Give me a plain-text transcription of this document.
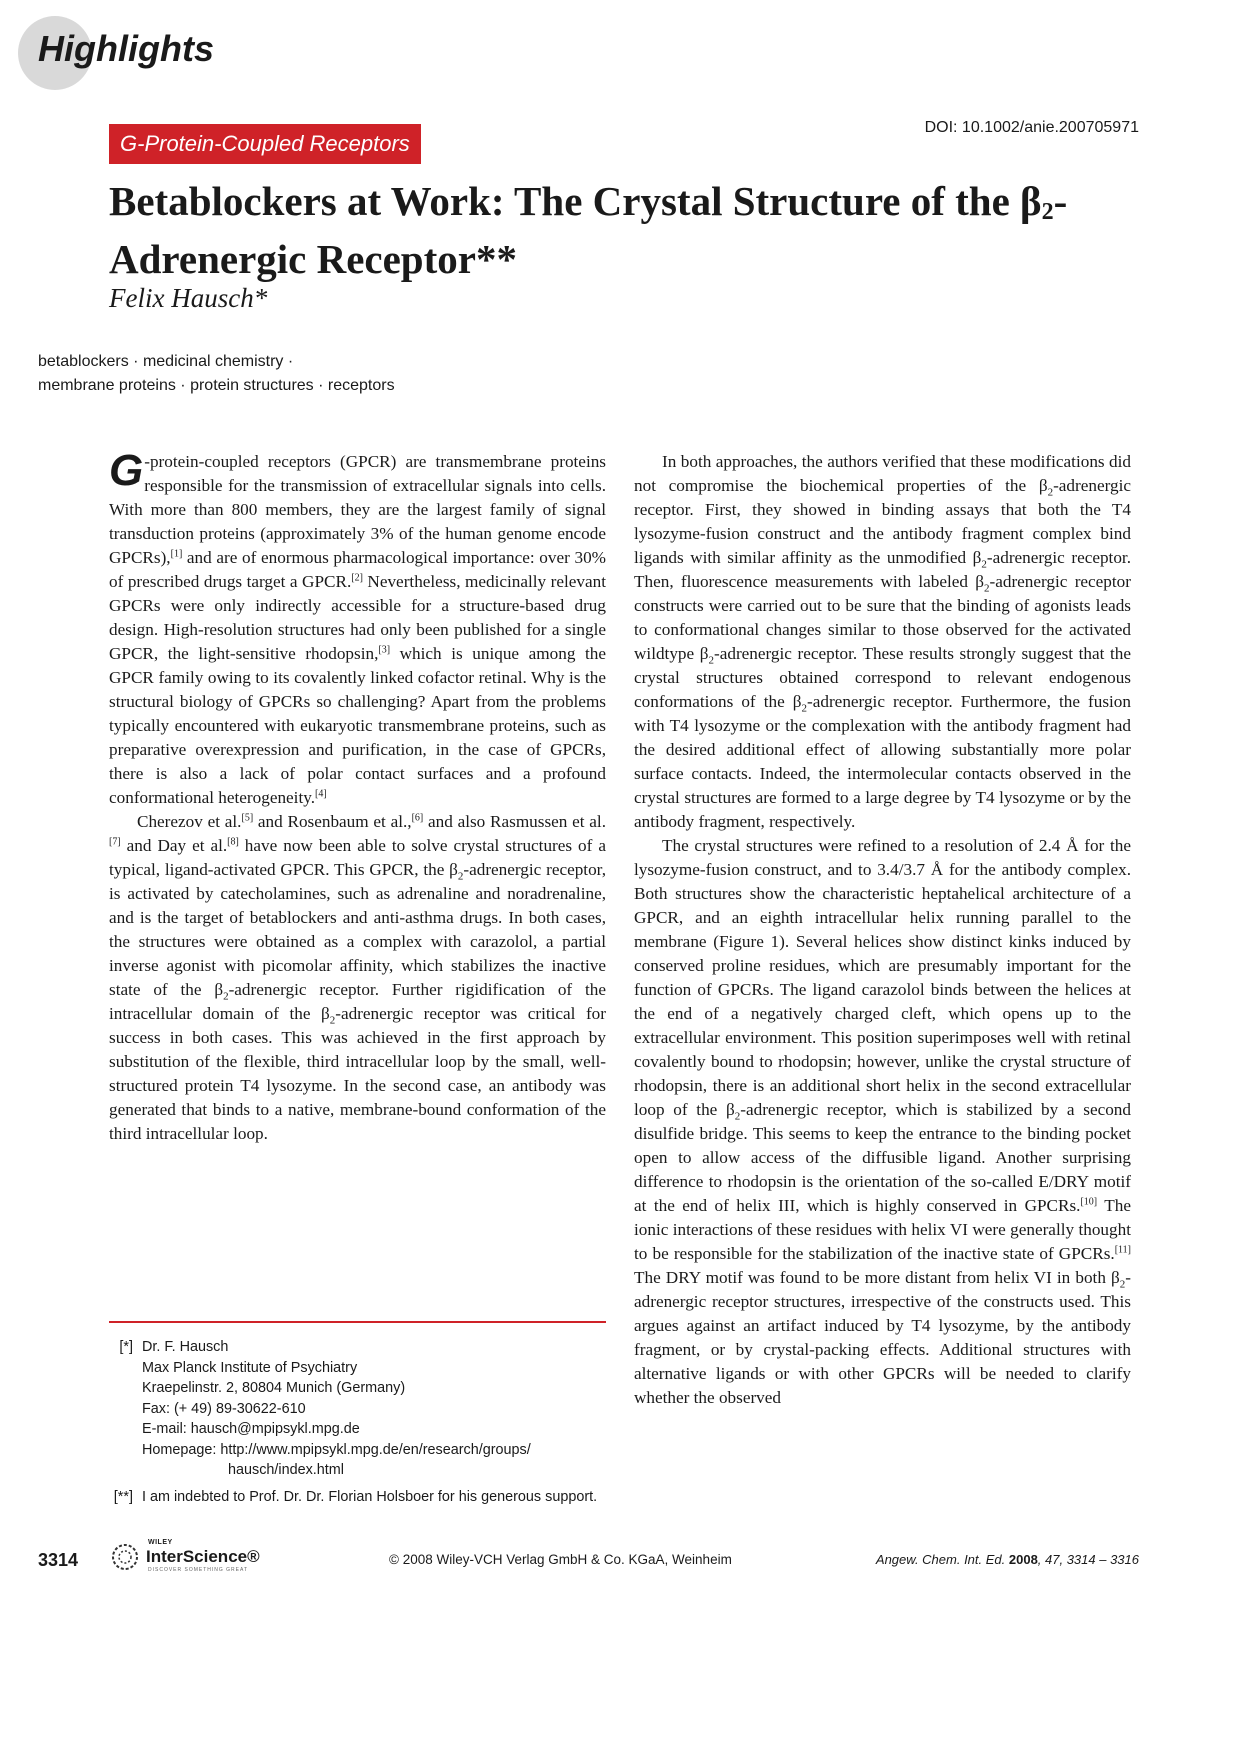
Highlights
G-Protein-Coupled Receptors
DOI: 10.1002/anie.200705971
Betablockers at Work: The Crystal Structure of the $\beta_2$-Adrenergic Receptor**
Felix Hausch*
betablockers · medicinal chemistry ·
membrane proteins · protein structures · receptors

G -protein-coupled receptors (GPCR) are transmembrane proteins responsible for the transmission of extracellular signals into cells. With more than 800 members, they are the largest family of signal transduction proteins (approximately 3% of the human genome encode GPCRs),[1] and are of enormous pharmacological importance: over 30% of prescribed drugs target a GPCR.[2] Nevertheless, medicinally relevant GPCRs were only indirectly accessible for a structure-based drug design. High-resolution structures had only been published for a single GPCR, the light-sensitive rhodopsin,[3] which is unique among the GPCR family owing to its covalently linked cofactor retinal. Why is the structural biology of GPCRs so challenging? Apart from the problems typically encountered with eukaryotic transmembrane proteins, such as preparative overexpression and purification, in the case of GPCRs, there is also a lack of polar contact surfaces and a profound conformational heterogeneity.[4]

Cherezov et al.[5] and Rosenbaum et al.,[6] and also Rasmussen et al.[7] and Day et al.[8] have now been able to solve crystal structures of a typical, ligand-activated GPCR. This GPCR, the $\beta_2$-adrenergic receptor, is activated by catecholamines, such as adrenaline and noradrenaline, and is the target of betablockers and anti-asthma drugs. In both cases, the structures were obtained as a complex with carazolol, a partial inverse agonist with picomolar affinity, which stabilizes the inactive state of the $\beta_2$-adrenergic receptor. Further rigidification of the intracellular domain of the $\beta_2$-adrenergic receptor was critical for success in both cases. This was achieved in the first approach by substitution of the flexible, third intracellular loop by the small, well-structured protein T4 lysozyme. In the second case, an antibody was generated that binds to a native, membrane-bound conformation of the third intracellular loop.

In both approaches, the authors verified that these modifications did not compromise the biochemical properties of the $\beta_2$-adrenergic receptor. First, they showed in binding assays that both the T4 lysozyme-fusion construct and the antibody fragment complex bind ligands with similar affinity as the unmodified $\beta_2$-adrenergic receptor. Then, fluorescence measurements with labeled $\beta_2$-adrenergic receptor constructs were carried out to be sure that the binding of agonists leads to conformational changes similar to those observed for the activated wildtype $\beta_2$-adrenergic receptor. These results strongly suggest that the crystal structures obtained correspond to relevant endogenous conformations of the $\beta_2$-adrenergic receptor. Furthermore, the fusion with T4 lysozyme or the complexation with the antibody fragment had the desired additional effect of allowing substantially more polar surface contacts. Indeed, the intermolecular contacts observed in the crystal structures are formed to a large degree by T4 lysozyme or by the antibody fragment, respectively.

The crystal structures were refined to a resolution of 2.4 Å for the lysozyme-fusion construct, and to 3.4/3.7 Å for the antibody complex. Both structures show the characteristic heptahelical architecture of a GPCR, and an eighth intracellular helix running parallel to the membrane (Figure 1). Several helices show distinct kinks induced by conserved proline residues, which are presumably important for the function of GPCRs. The ligand carazolol binds between the helices at the end of a negatively charged cleft, which opens up to the extracellular environment. This position superimposes well with retinal covalently bound to rhodopsin; however, unlike the crystal structure of rhodopsin, there is an additional short helix in the second extracellular loop of the $\beta_2$-adrenergic receptor, which is stabilized by a second disulfide bridge. This seems to keep the entrance to the binding pocket open to allow access of the diffusible ligand. Another surprising difference to rhodopsin is the orientation of the so-called E/DRY motif at the end of helix III, which is highly conserved in GPCRs.[10] The ionic interactions of these residues with helix VI were generally thought to be responsible for the stabilization of the inactive state of GPCRs.[11] The DRY motif was found to be more distant from helix VI in both $\beta_2$-adrenergic receptor structures, irrespective of the constructs used. This argues against an artifact induced by T4 lysozyme, by the antibody fragment, or by crystal-packing effects. Additional structures with alternative ligands or with other GPCRs will be needed to clarify whether the observed

[*] Dr. F. Hausch
Max Planck Institute of Psychiatry
Kraepelinstr. 2, 80804 Munich (Germany)
Fax: (+ 49) 89-30622-610
E-mail: hausch@mpipsykl.mpg.de
Homepage: http://www.mpipsykl.mpg.de/en/research/groups/
hausch/index.html
[**] I am indebted to Prof. Dr. Dr. Florian Holsboer for his generous support.
3314
WILEY
InterScience®
DISCOVER SOMETHING GREAT
© 2008 Wiley-VCH Verlag GmbH & Co. KGaA, Weinheim	Angew. Chem. Int. Ed. 2008, 47, 3314 – 3316
